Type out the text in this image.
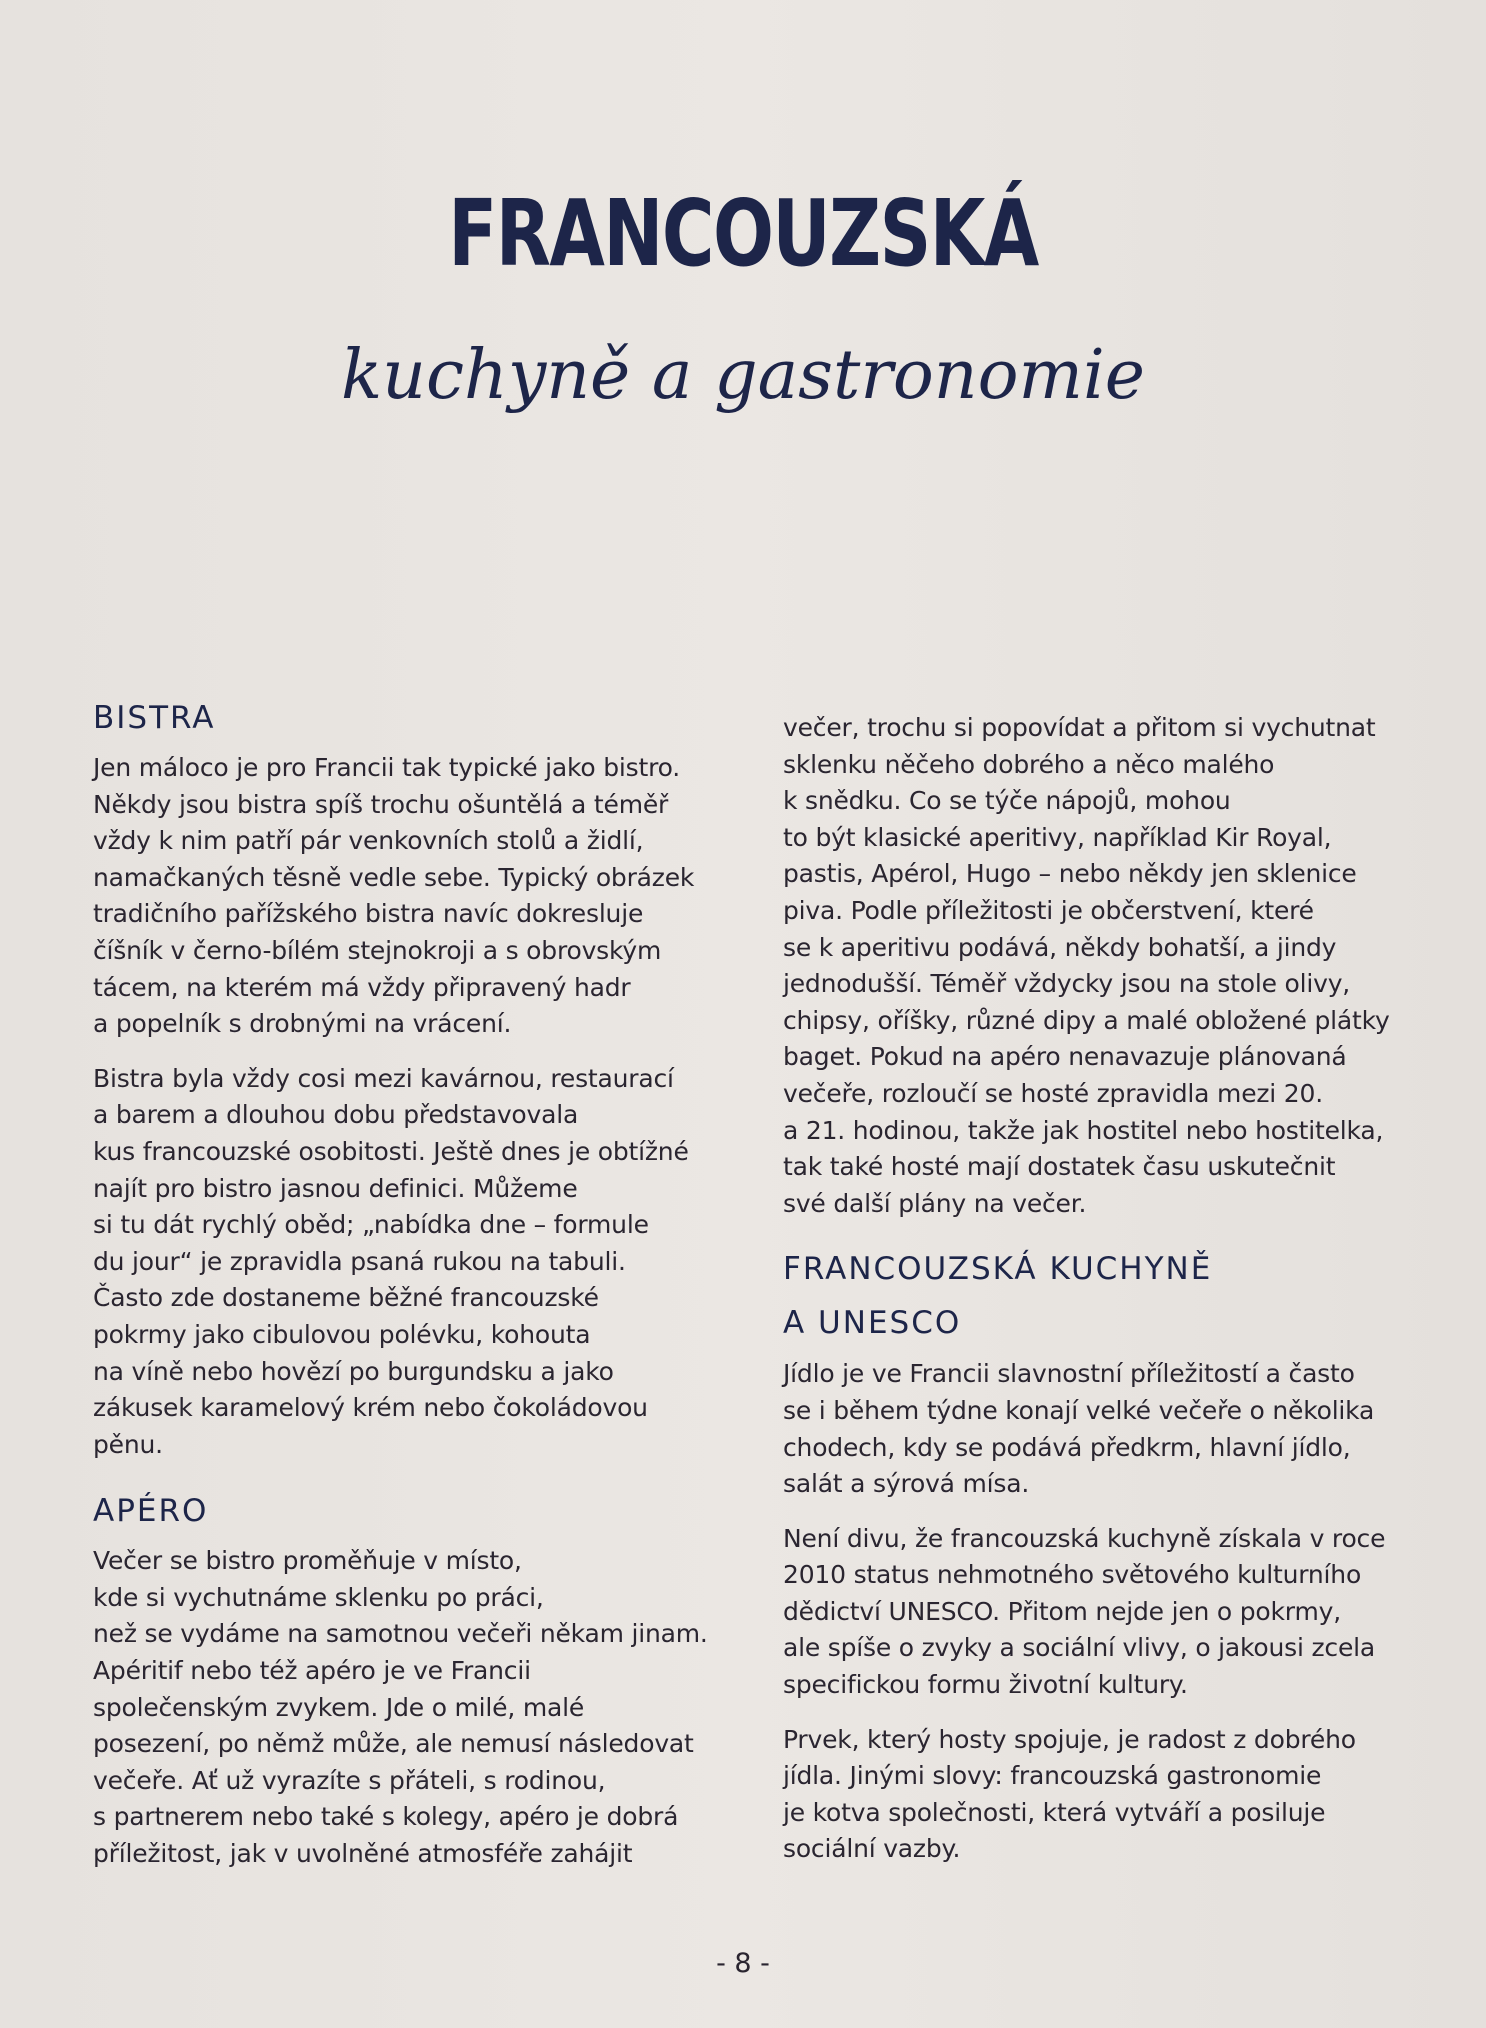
FRANCOUZSKÁ
kuchyně a gastronomie
BISTRA

Jen máloco je pro Francii tak typické jako bistro.
Někdy jsou bistra spíš trochu ošuntělá a téměř
vždy k nim patří pár venkovních stolů a židlí,
namačkaných těsně vedle sebe. Typický obrázek
tradičního pařížského bistra navíc dokresluje
číšník v černo-bílém stejnokroji a s obrovským
tácem, na kterém má vždy připravený hadr
a popelník s drobnými na vrácení.

Bistra byla vždy cosi mezi kavárnou, restaurací
a barem a dlouhou dobu představovala
kus francouzské osobitosti. Ještě dnes je obtížné
najít pro bistro jasnou definici. Můžeme
si tu dát rychlý oběd; „nabídka dne – formule
du jour“ je zpravidla psaná rukou na tabuli.
Často zde dostaneme běžné francouzské
pokrmy jako cibulovou polévku, kohouta
na víně nebo hovězí po burgundsku a jako
zákusek karamelový krém nebo čokoládovou
pěnu.

APÉRO

Večer se bistro proměňuje v místo,
kde si vychutnáme sklenku po práci,
než se vydáme na samotnou večeři někam jinam.
Apéritif nebo též apéro je ve Francii
společenským zvykem. Jde o milé, malé
posezení, po němž může, ale nemusí následovat
večeře. Ať už vyrazíte s přáteli, s rodinou,
s partnerem nebo také s kolegy, apéro je dobrá
příležitost, jak v uvolněné atmosféře zahájit

večer, trochu si popovídat a přitom si vychutnat
sklenku něčeho dobrého a něco malého
k snědku. Co se týče nápojů, mohou
to být klasické aperitivy, například Kir Royal,
pastis, Apérol, Hugo – nebo někdy jen sklenice
piva. Podle příležitosti je občerstvení, které
se k aperitivu podává, někdy bohatší, a jindy
jednodušší. Téměř vždycky jsou na stole olivy,
chipsy, oříšky, různé dipy a malé obložené plátky
baget. Pokud na apéro nenavazuje plánovaná
večeře, rozloučí se hosté zpravidla mezi 20.
a 21. hodinou, takže jak hostitel nebo hostitelka,
tak také hosté mají dostatek času uskutečnit
své další plány na večer.

FRANCOUZSKÁ KUCHYNĚ
A UNESCO

Jídlo je ve Francii slavnostní příležitostí a často
se i během týdne konají velké večeře o několika
chodech, kdy se podává předkrm, hlavní jídlo,
salát a sýrová mísa.

Není divu, že francouzská kuchyně získala v roce
2010 status nehmotného světového kulturního
dědictví UNESCO. Přitom nejde jen o pokrmy,
ale spíše o zvyky a sociální vlivy, o jakousi zcela
specifickou formu životní kultury.

Prvek, který hosty spojuje, je radost z dobrého
jídla. Jinými slovy: francouzská gastronomie
je kotva společnosti, která vytváří a posiluje
sociální vazby.

- 8 -
